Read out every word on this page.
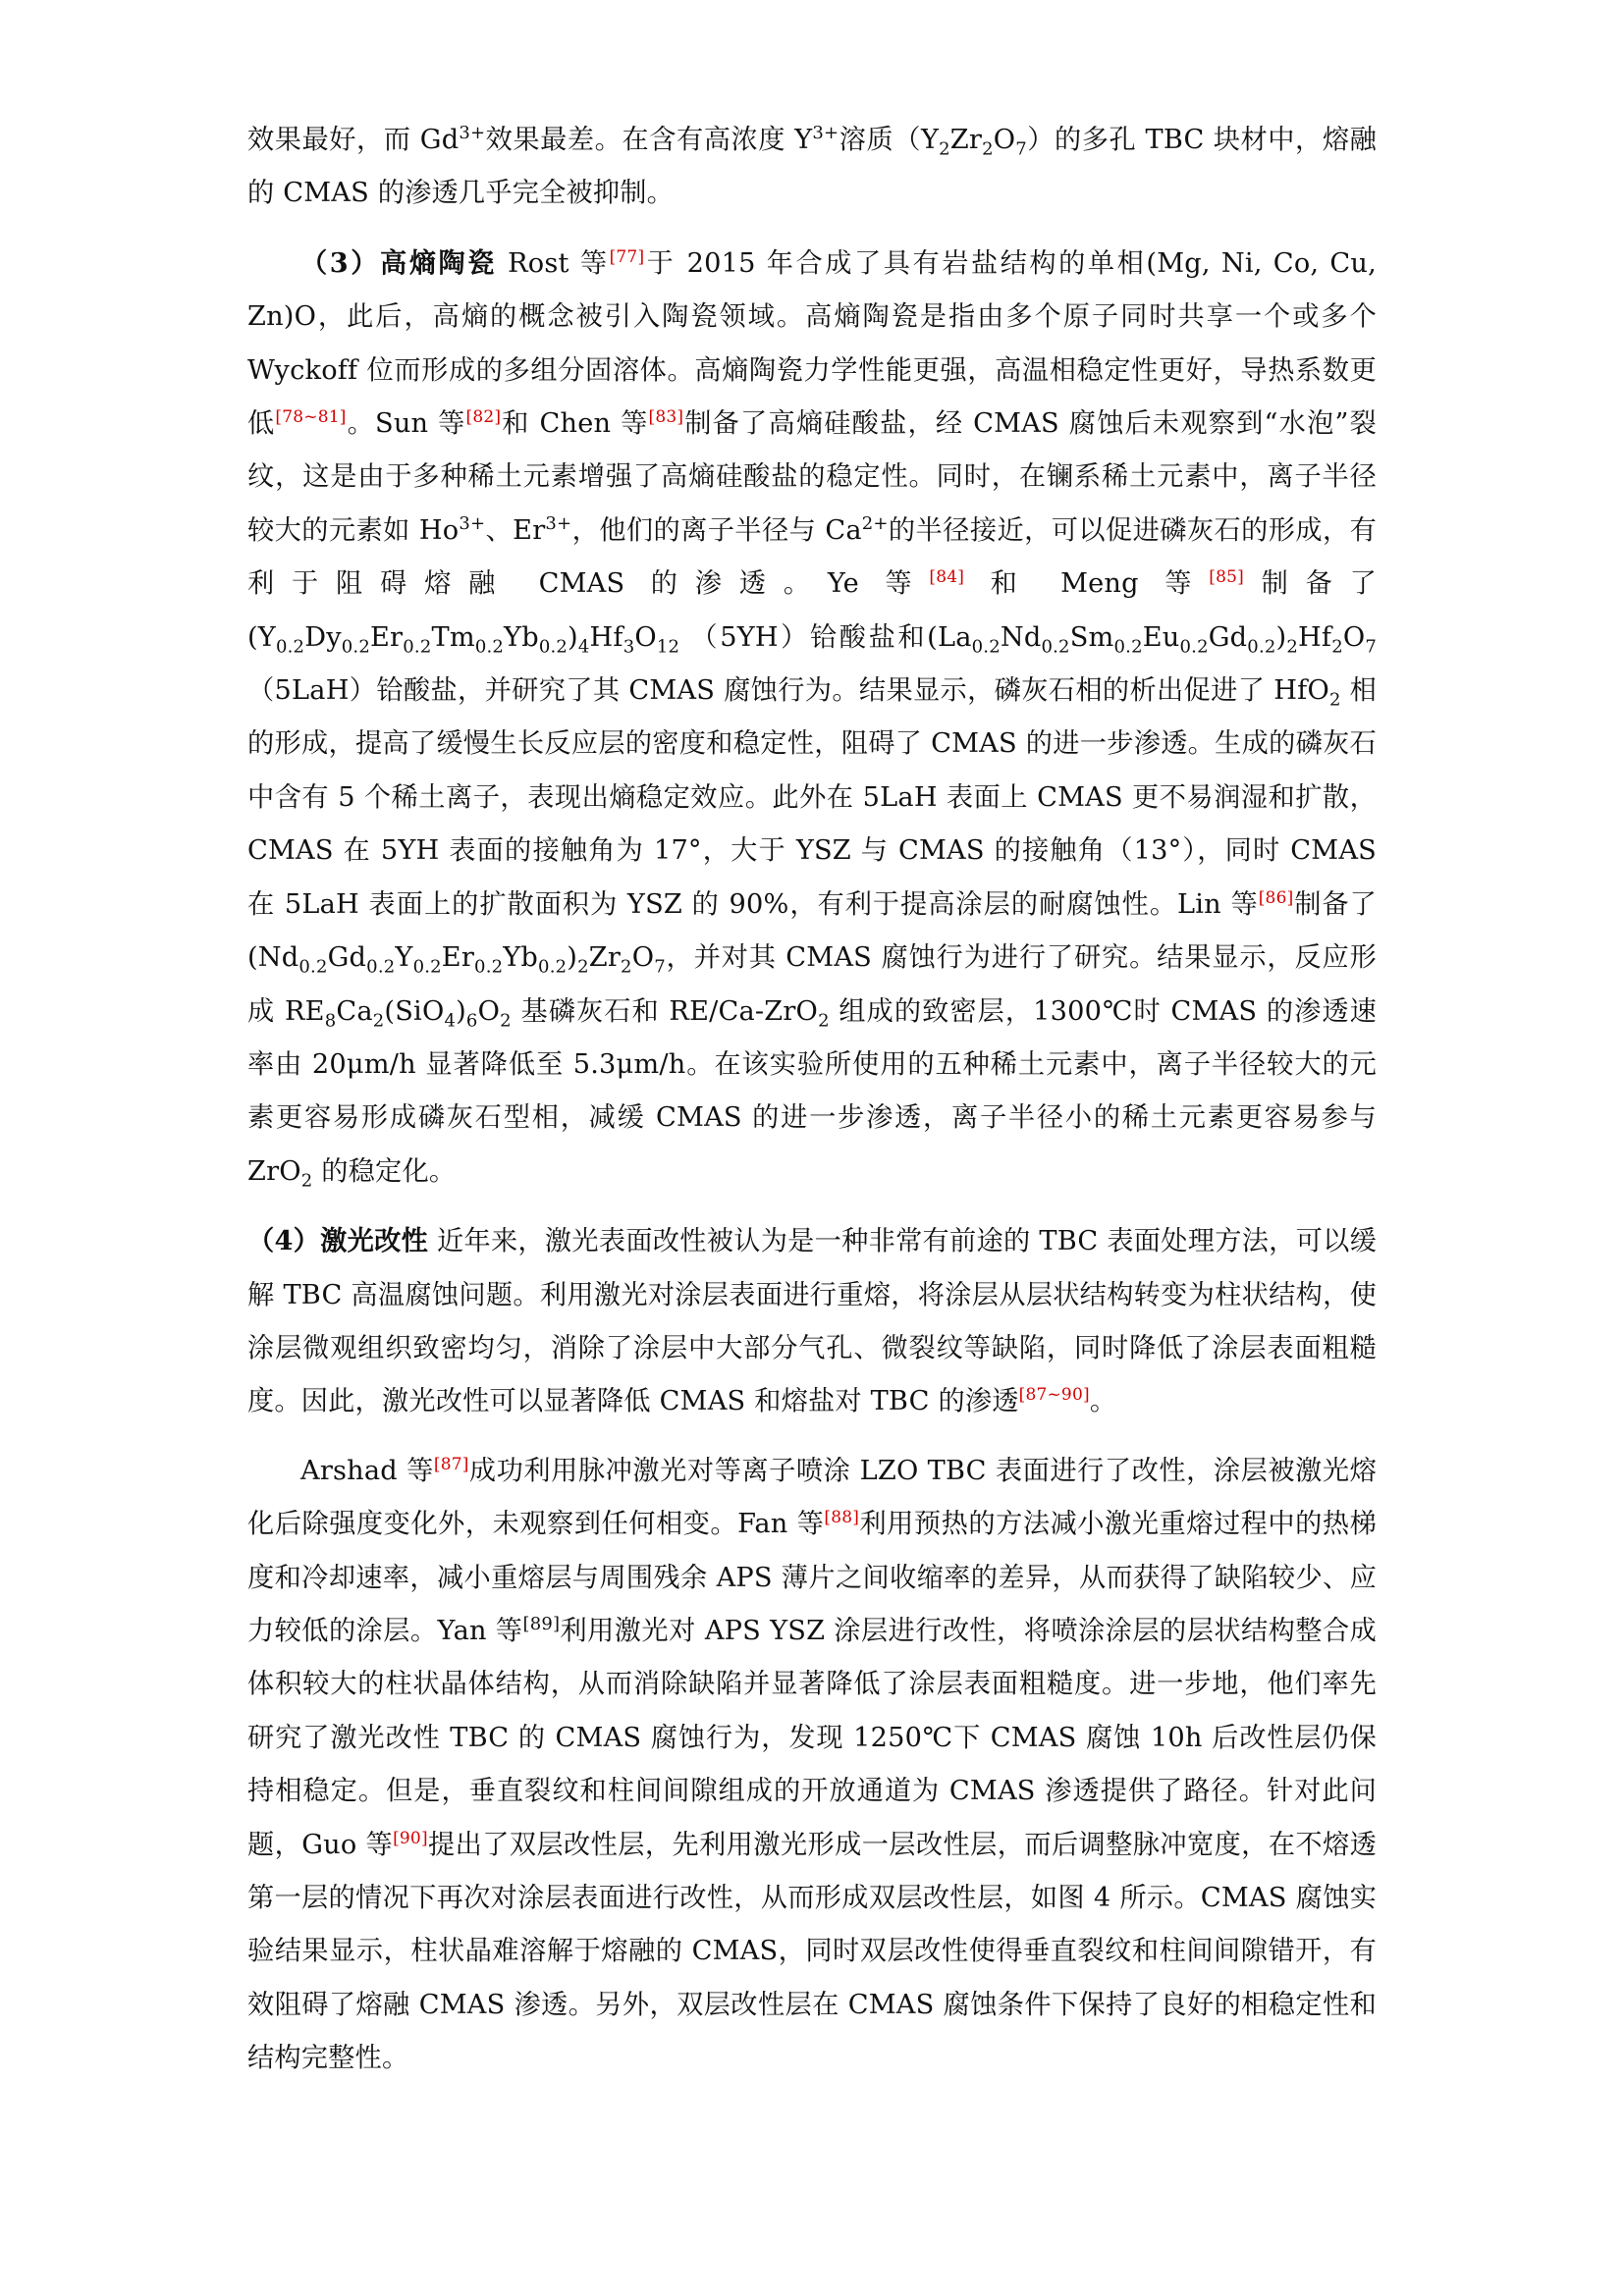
效果最好，而 $Gd^{3+}$效果最差。在含有高浓度 $Y^{3+}$溶质$(Y_2Zr_2O_7)$的多孔 TBC 块材中，熔融的 CMAS 的渗透几乎完全被抑制。

（3）高熵陶瓷 Rost 等[77]于 2015 年合成了具有岩盐结构的单相(Mg, Ni, Co, Cu, Zn)O，此后，高熵的概念被引入陶瓷领域。高熵陶瓷是指由多个原子同时共享一个或多个 Wyckoff 位而形成的多组分固溶体。高熵陶瓷力学性能更强，高温相稳定性更好，导热系数更低[78~81]。Sun 等[82]和 Chen 等[83]制备了高熵硅酸盐，经 CMAS 腐蚀后未观察到“水泡”裂纹，这是由于多种稀土元素增强了高熵硅酸盐的稳定性。同时，在镧系稀土元素中，离子半径较大的元素如 $Ho^{3+}$、$Er^{3+}$，他们的离子半径与 $Ca^{2+}$的半径接近，可以促进磷灰石的形成，有利于阻碍熔融 CMAS 的渗透。Ye 等[84] 和 Meng 等[85]制备了$(Y_{0.2}Dy_{0.2}Er_{0.2}Tm_{0.2}Yb_{0.2})_4Hf_3O_{12}$ （5YH）铪酸盐和$(La_{0.2}Nd_{0.2}Sm_{0.2}Eu_{0.2}Gd_{0.2})_2Hf_2O_7$ （5LaH）铪酸盐，并研究了其 CMAS 腐蚀行为。结果显示，磷灰石相的析出促进了 HfO$_2$ 相的形成，提高了缓慢生长反应层的密度和稳定性，阻碍了 CMAS 的进一步渗透。生成的磷灰石中含有 5 个稀土离子，表现出熵稳定效应。此外在 5LaH 表面上 CMAS 更不易润湿和扩散，CMAS 在 5YH 表面的接触角为 17°，大于 YSZ 与 CMAS 的接触角（13°），同时 CMAS 在 5LaH 表面上的扩散面积为 YSZ 的 90%，有利于提高涂层的耐腐蚀性。Lin 等[86]制备了$(Nd_{0.2}Gd_{0.2}Y_{0.2}Er_{0.2}Yb_{0.2})_2Zr_2O_7$，并对其 CMAS 腐蚀行为进行了研究。结果显示，反应形成 $RE_8Ca_2(SiO_4)_6O_2$ 基磷灰石和 RE/Ca-ZrO$_2$ 组成的致密层，1300℃时 CMAS 的渗透速率由 20μm/h 显著降低至 5.3μm/h。在该实验所使用的五种稀土元素中，离子半径较大的元素更容易形成磷灰石型相，减缓 CMAS 的进一步渗透，离子半径小的稀土元素更容易参与 ZrO$_2$ 的稳定化。

（4）激光改性 近年来，激光表面改性被认为是一种非常有前途的 TBC 表面处理方法，可以缓解 TBC 高温腐蚀问题。利用激光对涂层表面进行重熔，将涂层从层状结构转变为柱状结构，使涂层微观组织致密均匀，消除了涂层中大部分气孔、微裂纹等缺陷，同时降低了涂层表面粗糙度。因此，激光改性可以显著降低 CMAS 和熔盐对 TBC 的渗透[87~90]。

Arshad 等[87]成功利用脉冲激光对等离子喷涂 LZO TBC 表面进行了改性，涂层被激光熔化后除强度变化外，未观察到任何相变。Fan 等[88]利用预热的方法减小激光重熔过程中的热梯度和冷却速率，减小重熔层与周围残余 APS 薄片之间收缩率的差异，从而获得了缺陷较少、应力较低的涂层。Yan 等[89]利用激光对 APS YSZ 涂层进行改性，将喷涂涂层的层状结构整合成体积较大的柱状晶体结构，从而消除缺陷并显著降低了涂层表面粗糙度。进一步地，他们率先研究了激光改性 TBC 的 CMAS 腐蚀行为，发现 1250℃下 CMAS 腐蚀 10h 后改性层仍保持相稳定。但是，垂直裂纹和柱间间隙组成的开放通道为 CMAS 渗透提供了路径。针对此问题，Guo 等[90]提出了双层改性层，先利用激光形成一层改性层，而后调整脉冲宽度，在不熔透第一层的情况下再次对涂层表面进行改性，从而形成双层改性层，如图 4 所示。CMAS 腐蚀实验结果显示，柱状晶难溶解于熔融的 CMAS，同时双层改性使得垂直裂纹和柱间间隙错开，有效阻碍了熔融 CMAS 渗透。另外，双层改性层在 CMAS 腐蚀条件下保持了良好的相稳定性和结构完整性。
